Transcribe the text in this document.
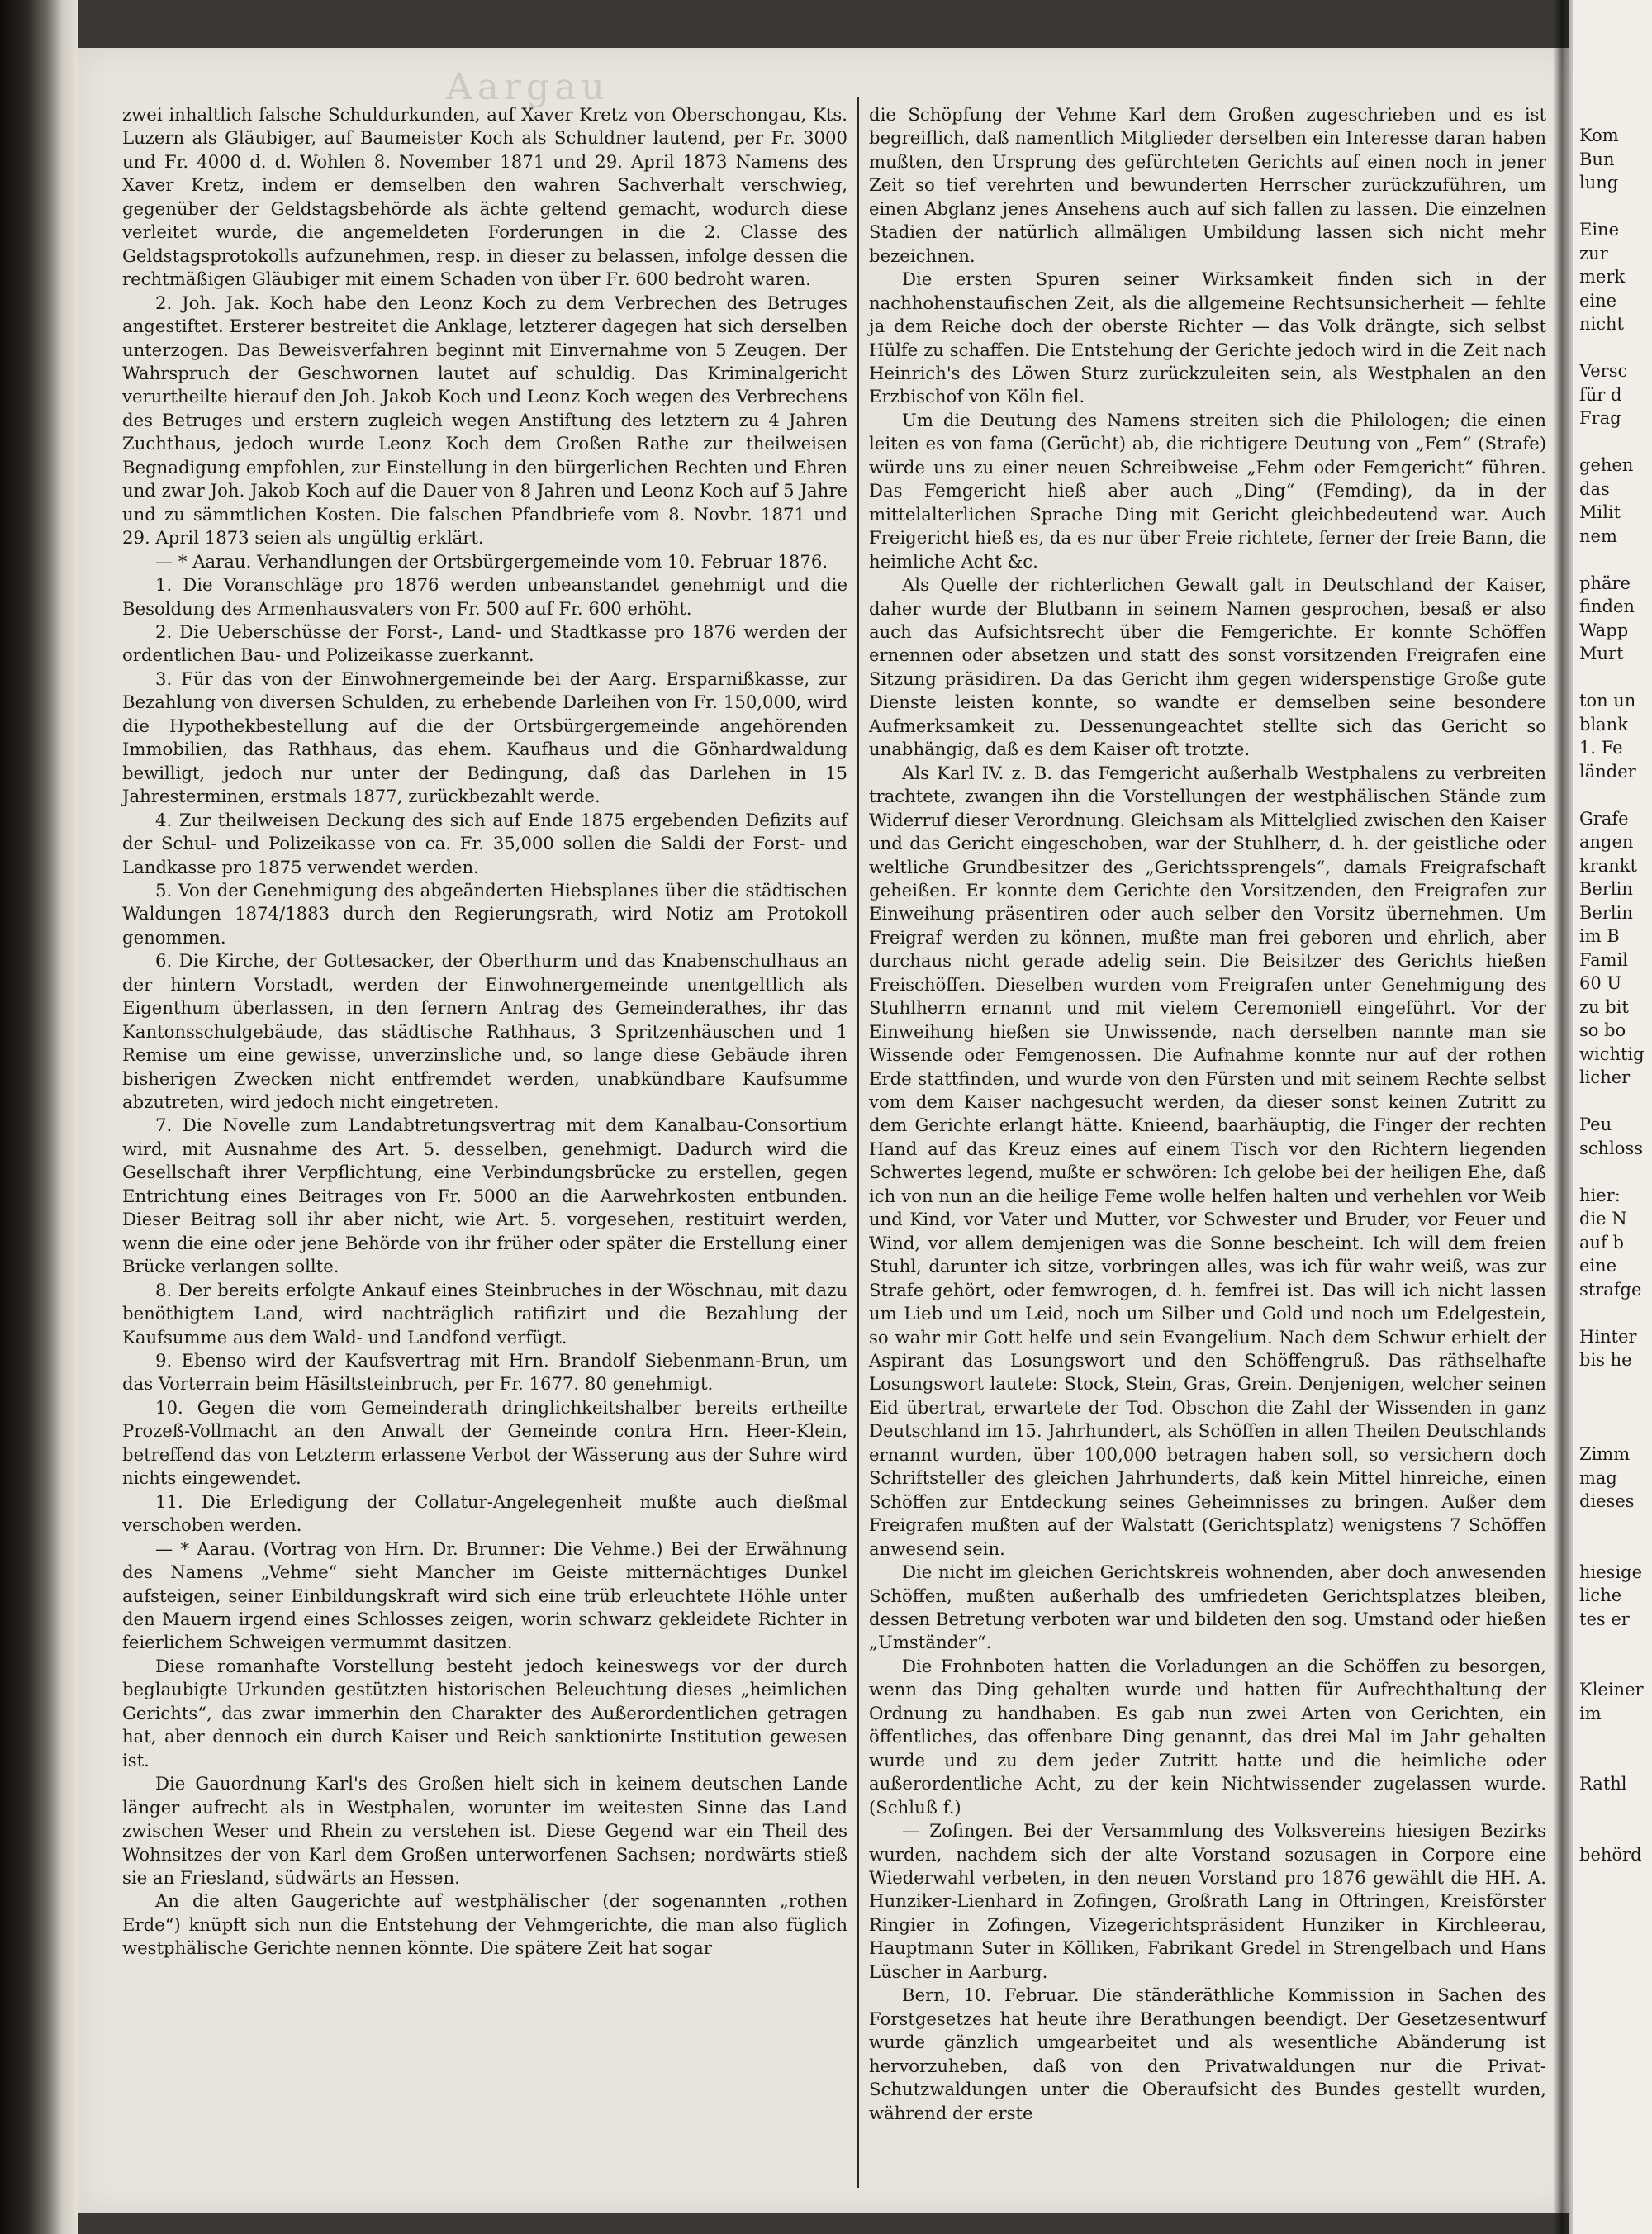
Aargau

zwei inhaltlich falsche Schuldurkunden, auf Xaver Kretz von Oberschongau, Kts. Luzern als Gläubiger, auf Baumeister Koch als Schuldner lautend, per Fr. 3000 und Fr. 4000 d. d. Wohlen 8. November 1871 und 29. April 1873 Namens des Xaver Kretz, indem er demselben den wahren Sachverhalt verschwieg, gegenüber der Geldstagsbehörde als ächte geltend gemacht, wodurch diese verleitet wurde, die angemeldeten Forderungen in die 2. Classe des Geldstagsprotokolls aufzunehmen, resp. in dieser zu belassen, infolge dessen die rechtmäßigen Gläubiger mit einem Schaden von über Fr. 600 bedroht waren.

2. Joh. Jak. Koch habe den Leonz Koch zu dem Verbrechen des Betruges angestiftet. Ersterer bestreitet die Anklage, letzterer dagegen hat sich derselben unterzogen. Das Beweisverfahren beginnt mit Einvernahme von 5 Zeugen. Der Wahrspruch der Geschwornen lautet auf schuldig. Das Kriminalgericht verurtheilte hierauf den Joh. Jakob Koch und Leonz Koch wegen des Verbrechens des Betruges und erstern zugleich wegen Anstiftung des letztern zu 4 Jahren Zuchthaus, jedoch wurde Leonz Koch dem Großen Rathe zur theilweisen Begnadigung empfohlen, zur Einstellung in den bürgerlichen Rechten und Ehren und zwar Joh. Jakob Koch auf die Dauer von 8 Jahren und Leonz Koch auf 5 Jahre und zu sämmtlichen Kosten. Die falschen Pfandbriefe vom 8. Novbr. 1871 und 29. April 1873 seien als ungültig erklärt.

— * Aarau. Verhandlungen der Ortsbürgergemeinde vom 10. Februar 1876.

1. Die Voranschläge pro 1876 werden unbeanstandet genehmigt und die Besoldung des Armenhausvaters von Fr. 500 auf Fr. 600 erhöht.

2. Die Ueberschüsse der Forst-, Land- und Stadtkasse pro 1876 werden der ordentlichen Bau- und Polizeikasse zuerkannt.

3. Für das von der Einwohnergemeinde bei der Aarg. Ersparnißkasse, zur Bezahlung von diversen Schulden, zu erhebende Darleihen von Fr. 150,000, wird die Hypothekbestellung auf die der Ortsbürgergemeinde angehörenden Immobilien, das Rathhaus, das ehem. Kaufhaus und die Gönhardwaldung bewilligt, jedoch nur unter der Bedingung, daß das Darlehen in 15 Jahresterminen, erstmals 1877, zurückbezahlt werde.

4. Zur theilweisen Deckung des sich auf Ende 1875 ergebenden Defizits auf der Schul- und Polizeikasse von ca. Fr. 35,000 sollen die Saldi der Forst- und Landkasse pro 1875 verwendet werden.

5. Von der Genehmigung des abgeänderten Hiebsplanes über die städtischen Waldungen 1874/1883 durch den Regierungsrath, wird Notiz am Protokoll genommen.

6. Die Kirche, der Gottesacker, der Oberthurm und das Knabenschulhaus an der hintern Vorstadt, werden der Einwohnergemeinde unentgeltlich als Eigenthum überlassen, in den fernern Antrag des Gemeinderathes, ihr das Kantonsschulgebäude, das städtische Rathhaus, 3 Spritzenhäuschen und 1 Remise um eine gewisse, unverzinsliche und, so lange diese Gebäude ihren bisherigen Zwecken nicht entfremdet werden, unabkündbare Kaufsumme abzutreten, wird jedoch nicht eingetreten.

7. Die Novelle zum Landabtretungsvertrag mit dem Kanalbau-Consortium wird, mit Ausnahme des Art. 5. desselben, genehmigt. Dadurch wird die Gesellschaft ihrer Verpflichtung, eine Verbindungsbrücke zu erstellen, gegen Entrichtung eines Beitrages von Fr. 5000 an die Aarwehrkosten entbunden. Dieser Beitrag soll ihr aber nicht, wie Art. 5. vorgesehen, restituirt werden, wenn die eine oder jene Behörde von ihr früher oder später die Erstellung einer Brücke verlangen sollte.

8. Der bereits erfolgte Ankauf eines Steinbruches in der Wöschnau, mit dazu benöthigtem Land, wird nachträglich ratifizirt und die Bezahlung der Kaufsumme aus dem Wald- und Landfond verfügt.

9. Ebenso wird der Kaufsvertrag mit Hrn. Brandolf Siebenmann-Brun, um das Vorterrain beim Häsiltsteinbruch, per Fr. 1677. 80 genehmigt.

10. Gegen die vom Gemeinderath dringlichkeitshalber bereits ertheilte Prozeß-Vollmacht an den Anwalt der Gemeinde contra Hrn. Heer-Klein, betreffend das von Letzterm erlassene Verbot der Wässerung aus der Suhre wird nichts eingewendet.

11. Die Erledigung der Collatur-Angelegenheit mußte auch dießmal verschoben werden.

— * Aarau. (Vortrag von Hrn. Dr. Brunner: Die Vehme.) Bei der Erwähnung des Namens „Vehme“ sieht Mancher im Geiste mitternächtiges Dunkel aufsteigen, seiner Einbildungskraft wird sich eine trüb erleuchtete Höhle unter den Mauern irgend eines Schlosses zeigen, worin schwarz gekleidete Richter in feierlichem Schweigen vermummt dasitzen.

Diese romanhafte Vorstellung besteht jedoch keineswegs vor der durch beglaubigte Urkunden gestützten historischen Beleuchtung dieses „heimlichen Gerichts“, das zwar immerhin den Charakter des Außerordentlichen getragen hat, aber dennoch ein durch Kaiser und Reich sanktionirte Institution gewesen ist.

Die Gauordnung Karl's des Großen hielt sich in keinem deutschen Lande länger aufrecht als in Westphalen, worunter im weitesten Sinne das Land zwischen Weser und Rhein zu verstehen ist. Diese Gegend war ein Theil des Wohnsitzes der von Karl dem Großen unterworfenen Sachsen; nordwärts stieß sie an Friesland, südwärts an Hessen.

An die alten Gaugerichte auf westphälischer (der sogenannten „rothen Erde“) knüpft sich nun die Entstehung der Vehmgerichte, die man also füglich westphälische Gerichte nennen könnte. Die spätere Zeit hat sogar

die Schöpfung der Vehme Karl dem Großen zugeschrieben und es ist begreiflich, daß namentlich Mitglieder derselben ein Interesse daran haben mußten, den Ursprung des gefürchteten Gerichts auf einen noch in jener Zeit so tief verehrten und bewunderten Herrscher zurückzuführen, um einen Abglanz jenes Ansehens auch auf sich fallen zu lassen. Die einzelnen Stadien der natürlich allmäligen Umbildung lassen sich nicht mehr bezeichnen.

Die ersten Spuren seiner Wirksamkeit finden sich in der nachhohenstaufischen Zeit, als die allgemeine Rechtsunsicherheit — fehlte ja dem Reiche doch der oberste Richter — das Volk drängte, sich selbst Hülfe zu schaffen. Die Entstehung der Gerichte jedoch wird in die Zeit nach Heinrich's des Löwen Sturz zurückzuleiten sein, als Westphalen an den Erzbischof von Köln fiel.

Um die Deutung des Namens streiten sich die Philologen; die einen leiten es von fama (Gerücht) ab, die richtigere Deutung von „Fem“ (Strafe) würde uns zu einer neuen Schreibweise „Fehm oder Femgericht“ führen. Das Femgericht hieß aber auch „Ding“ (Femding), da in der mittelalterlichen Sprache Ding mit Gericht gleichbedeutend war. Auch Freigericht hieß es, da es nur über Freie richtete, ferner der freie Bann, die heimliche Acht &c.

Als Quelle der richterlichen Gewalt galt in Deutschland der Kaiser, daher wurde der Blutbann in seinem Namen gesprochen, besaß er also auch das Aufsichtsrecht über die Femgerichte. Er konnte Schöffen ernennen oder absetzen und statt des sonst vorsitzenden Freigrafen eine Sitzung präsidiren. Da das Gericht ihm gegen widerspenstige Große gute Dienste leisten konnte, so wandte er demselben seine besondere Aufmerksamkeit zu. Dessenungeachtet stellte sich das Gericht so unabhängig, daß es dem Kaiser oft trotzte.

Als Karl IV. z. B. das Femgericht außerhalb Westphalens zu verbreiten trachtete, zwangen ihn die Vorstellungen der westphälischen Stände zum Widerruf dieser Verordnung. Gleichsam als Mittelglied zwischen den Kaiser und das Gericht eingeschoben, war der Stuhlherr, d. h. der geistliche oder weltliche Grundbesitzer des „Gerichtssprengels“, damals Freigrafschaft geheißen. Er konnte dem Gerichte den Vorsitzenden, den Freigrafen zur Einweihung präsentiren oder auch selber den Vorsitz übernehmen. Um Freigraf werden zu können, mußte man frei geboren und ehrlich, aber durchaus nicht gerade adelig sein. Die Beisitzer des Gerichts hießen Freischöffen. Dieselben wurden vom Freigrafen unter Genehmigung des Stuhlherrn ernannt und mit vielem Ceremoniell eingeführt. Vor der Einweihung hießen sie Unwissende, nach derselben nannte man sie Wissende oder Femgenossen. Die Aufnahme konnte nur auf der rothen Erde stattfinden, und wurde von den Fürsten und mit seinem Rechte selbst vom dem Kaiser nachgesucht werden, da dieser sonst keinen Zutritt zu dem Gerichte erlangt hätte. Knieend, baarhäuptig, die Finger der rechten Hand auf das Kreuz eines auf einem Tisch vor den Richtern liegenden Schwertes legend, mußte er schwören: Ich gelobe bei der heiligen Ehe, daß ich von nun an die heilige Feme wolle helfen halten und verhehlen vor Weib und Kind, vor Vater und Mutter, vor Schwester und Bruder, vor Feuer und Wind, vor allem demjenigen was die Sonne bescheint. Ich will dem freien Stuhl, darunter ich sitze, vorbringen alles, was ich für wahr weiß, was zur Strafe gehört, oder femwrogen, d. h. femfrei ist. Das will ich nicht lassen um Lieb und um Leid, noch um Silber und Gold und noch um Edelgestein, so wahr mir Gott helfe und sein Evangelium. Nach dem Schwur erhielt der Aspirant das Losungswort und den Schöffengruß. Das räthselhafte Losungswort lautete: Stock, Stein, Gras, Grein. Denjenigen, welcher seinen Eid übertrat, erwartete der Tod. Obschon die Zahl der Wissenden in ganz Deutschland im 15. Jahrhundert, als Schöffen in allen Theilen Deutschlands ernannt wurden, über 100,000 betragen haben soll, so versichern doch Schriftsteller des gleichen Jahrhunderts, daß kein Mittel hinreiche, einen Schöffen zur Entdeckung seines Geheimnisses zu bringen. Außer dem Freigrafen mußten auf der Walstatt (Gerichtsplatz) wenigstens 7 Schöffen anwesend sein.

Die nicht im gleichen Gerichtskreis wohnenden, aber doch anwesenden Schöffen, mußten außerhalb des umfriedeten Gerichtsplatzes bleiben, dessen Betretung verboten war und bildeten den sog. Umstand oder hießen „Umständer“.

Die Frohnboten hatten die Vorladungen an die Schöffen zu besorgen, wenn das Ding gehalten wurde und hatten für Aufrechthaltung der Ordnung zu handhaben. Es gab nun zwei Arten von Gerichten, ein öffentliches, das offenbare Ding genannt, das drei Mal im Jahr gehalten wurde und zu dem jeder Zutritt hatte und die heimliche oder außerordentliche Acht, zu der kein Nichtwissender zugelassen wurde. (Schluß f.)

— Zofingen. Bei der Versammlung des Volksvereins hiesigen Bezirks wurden, nachdem sich der alte Vorstand sozusagen in Corpore eine Wiederwahl verbeten, in den neuen Vorstand pro 1876 gewählt die HH. A. Hunziker-Lienhard in Zofingen, Großrath Lang in Oftringen, Kreisförster Ringier in Zofingen, Vizegerichtspräsident Hunziker in Kirchleerau, Hauptmann Suter in Kölliken, Fabrikant Gredel in Strengelbach und Hans Lüscher in Aarburg.

Bern, 10. Februar. Die ständeräthliche Kommission in Sachen des Forstgesetzes hat heute ihre Berathungen beendigt. Der Gesetzesentwurf wurde gänzlich umgearbeitet und als wesentliche Abänderung ist hervorzuheben, daß von den Privatwaldungen nur die Privat-Schutzwaldungen unter die Oberaufsicht des Bundes gestellt wurden, während der erste

Kom
Bun
lung
Eine
zur
merk
eine
nicht
Versc
für d
Frag
gehen
das
Milit
nem
phäre
finden
Wapp
Murt
ton un
blank
1. Fe
länder
Grafe
angen
krankt
Berlin
Berlin
im B
Famil
60 U
zu bit
so bo
wichtig
licher
Peu
schloss
hier:
die N
auf b
eine
strafge
Hinter
bis he
Zimm
mag
dieses
hiesige
liche
tes er
Kleiner
im
Rathl
behörd
